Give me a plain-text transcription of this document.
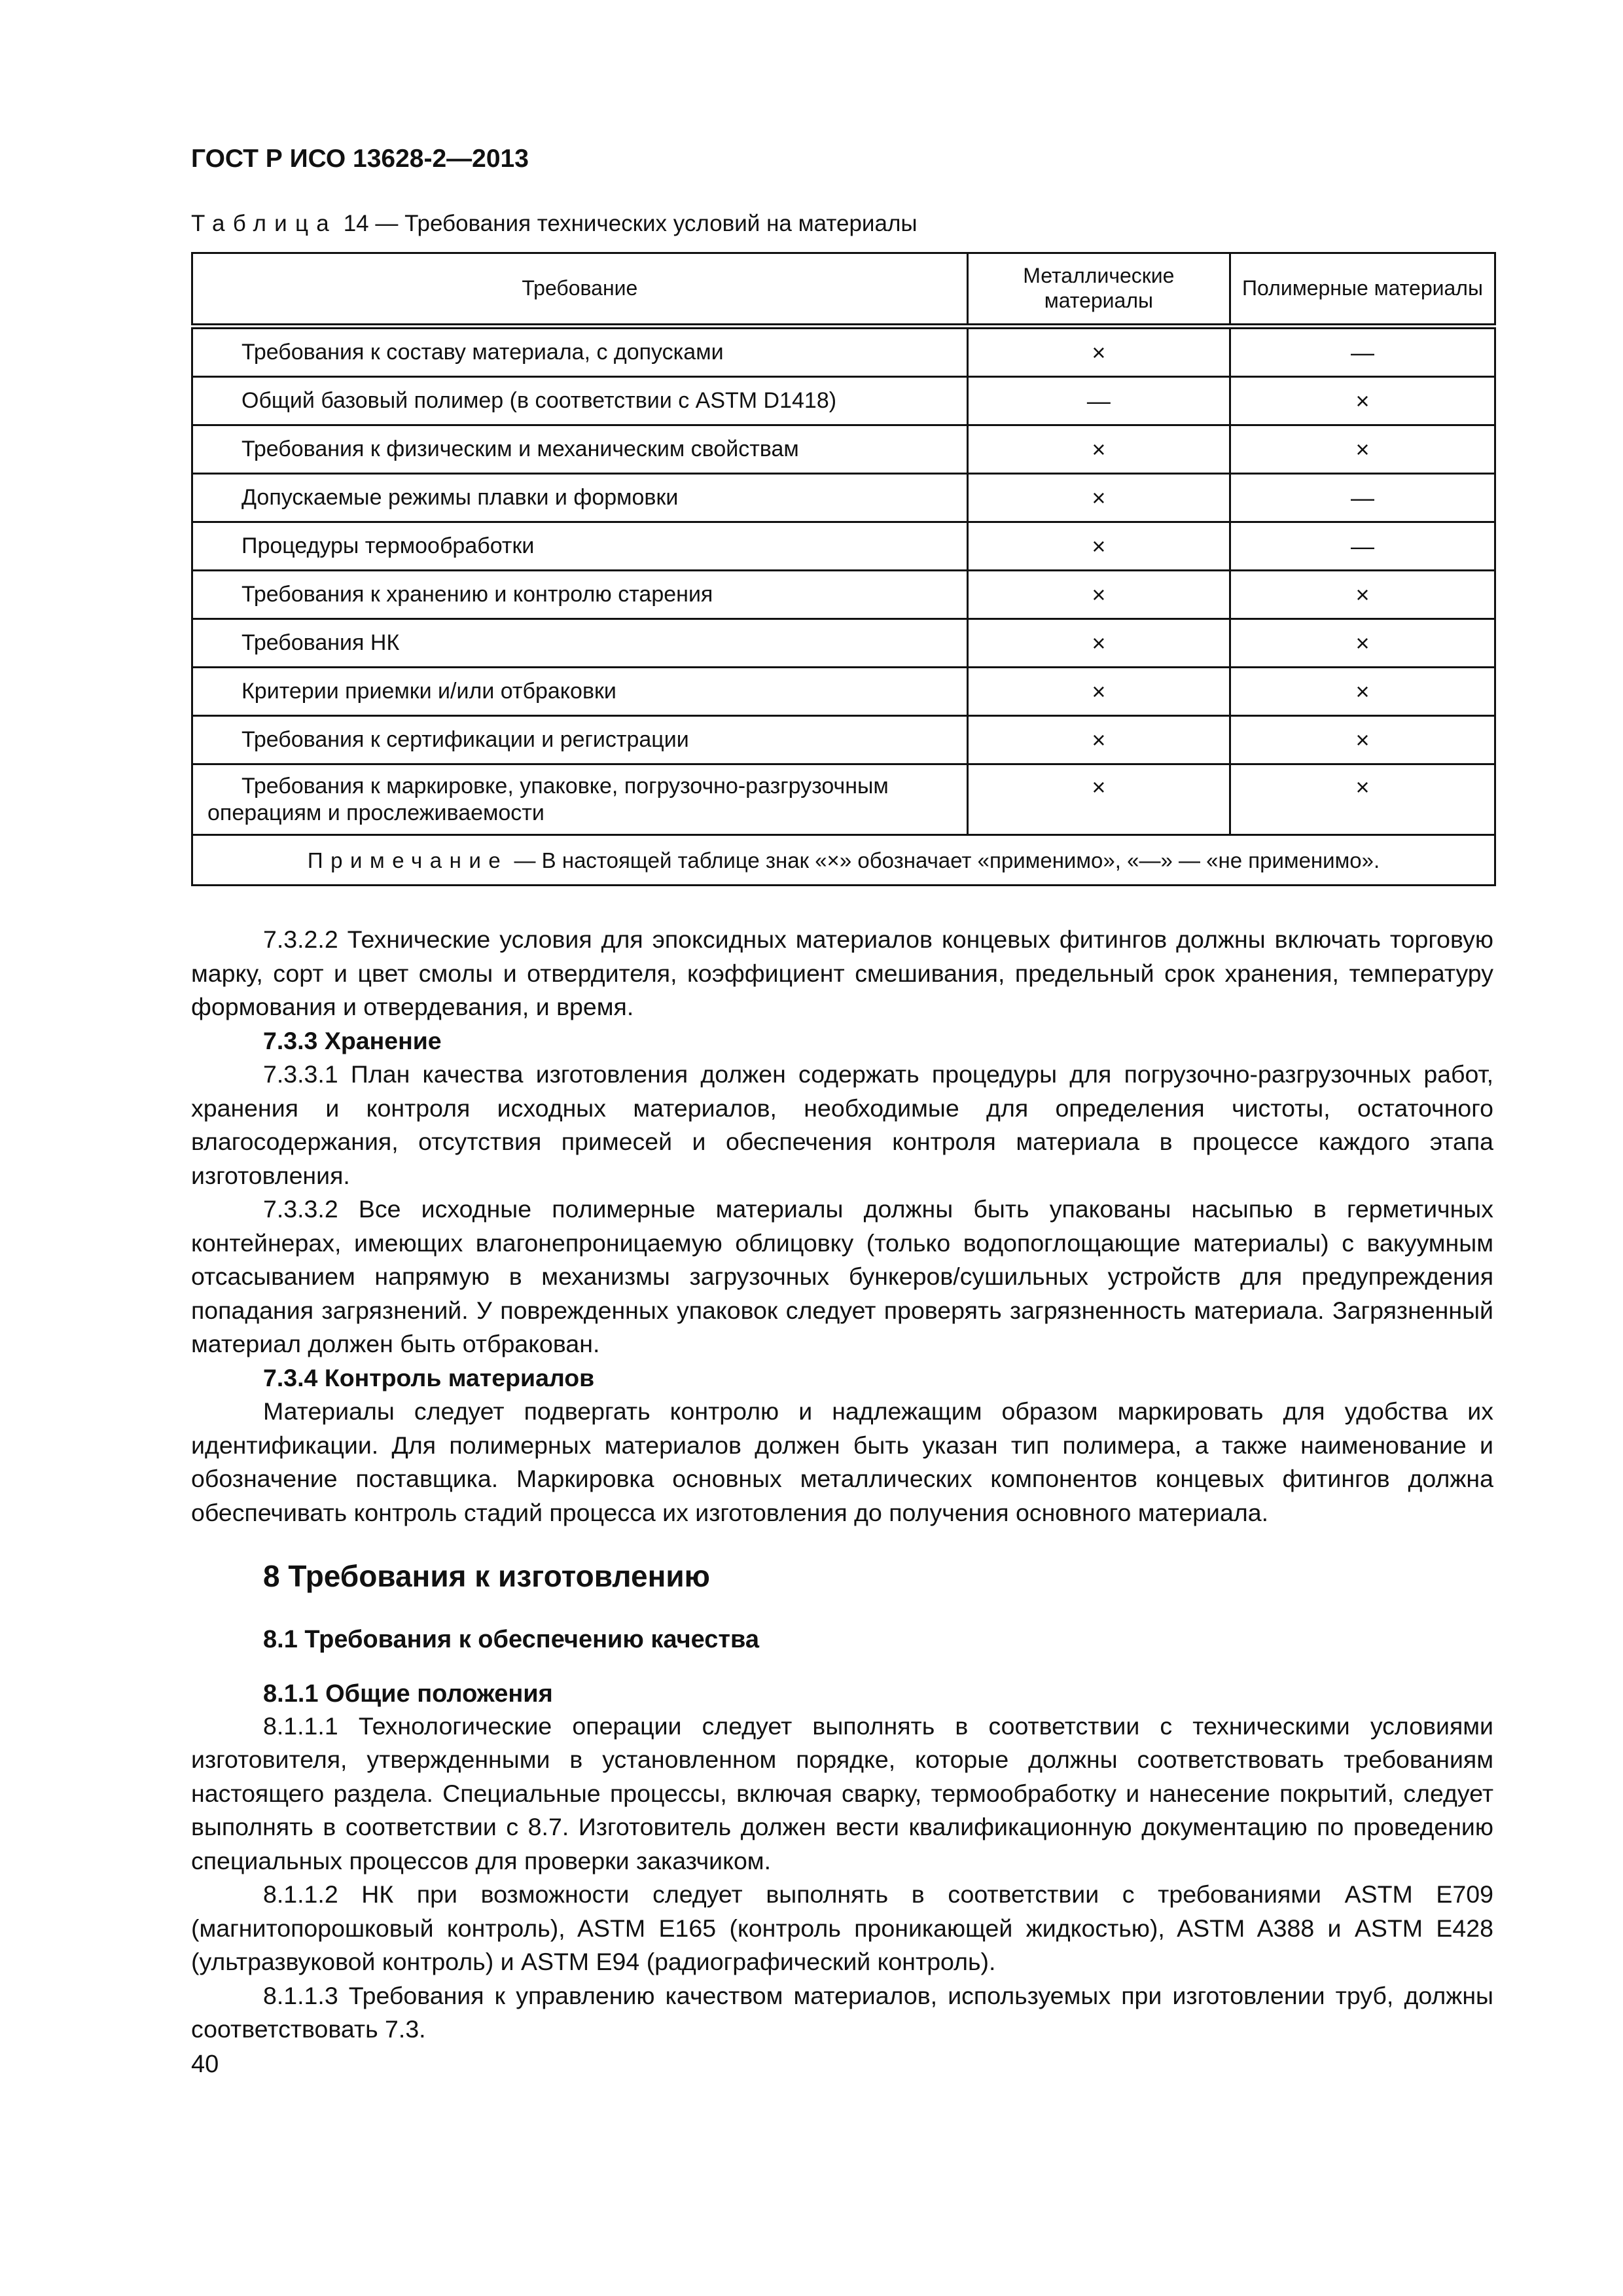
ГОСТ Р ИСО 13628-2—2013
Таблица 14 — Требования технических условий на материалы
Требование	Металлические материалы	Полимерные материалы
Требования к составу материала, с допусками	×	—
Общий базовый полимер (в соответствии с ASTM D1418)	—	×
Требования к физическим и механическим свойствам	×	×
Допускаемые режимы плавки и формовки	×	—
Процедуры термообработки	×	—
Требования к хранению и контролю старения	×	×
Требования НК	×	×
Критерии приемки и/или отбраковки	×	×
Требования к сертификации и регистрации	×	×
Требования к маркировке, упаковке, погрузочно-разгрузочным операциям и прослеживаемости	×	×
Примечание — В настоящей таблице знак «×» обозначает «применимо», «—» — «не применимо».		

7.3.2.2 Технические условия для эпоксидных материалов концевых фитингов должны включать торговую марку, сорт и цвет смолы и отвердителя, коэффициент смешивания, предельный срок хранения, температуру формования и отвердевания, и время.

7.3.3 Хранение

7.3.3.1 План качества изготовления должен содержать процедуры для погрузочно-разгрузочных работ, хранения и контроля исходных материалов, необходимые для определения чистоты, остаточного влагосодержания, отсутствия примесей и обеспечения контроля материала в процессе каждого этапа изготовления.

7.3.3.2 Все исходные полимерные материалы должны быть упакованы насыпью в герметичных контейнерах, имеющих влагонепроницаемую облицовку (только водопоглощающие материалы) с вакуумным отсасыванием напрямую в механизмы загрузочных бункеров/сушильных устройств для предупреждения попадания загрязнений. У поврежденных упаковок следует проверять загрязненность материала. Загрязненный материал должен быть отбракован.

7.3.4 Контроль материалов

Материалы следует подвергать контролю и надлежащим образом маркировать для удобства их идентификации. Для полимерных материалов должен быть указан тип полимера, а также наименование и обозначение поставщика. Маркировка основных металлических компонентов концевых фитингов должна обеспечивать контроль стадий процесса их изготовления до получения основного материала.

8 Требования к изготовлению
8.1 Требования к обеспечению качества
8.1.1 Общие положения

8.1.1.1 Технологические операции следует выполнять в соответствии с техническими условиями изготовителя, утвержденными в установленном порядке, которые должны соответствовать требованиям настоящего раздела. Специальные процессы, включая сварку, термообработку и нанесение покрытий, следует выполнять в соответствии с 8.7. Изготовитель должен вести квалификационную документацию по проведению специальных процессов для проверки заказчиком.

8.1.1.2 НК при возможности следует выполнять в соответствии с требованиями ASTM E709 (магнитопорошковый контроль), ASTM E165 (контроль проникающей жидкостью), ASTM A388 и ASTM E428 (ультразвуковой контроль) и ASTM E94 (радиографический контроль).

8.1.1.3 Требования к управлению качеством материалов, используемых при изготовлении труб, должны соответствовать 7.3.

40
